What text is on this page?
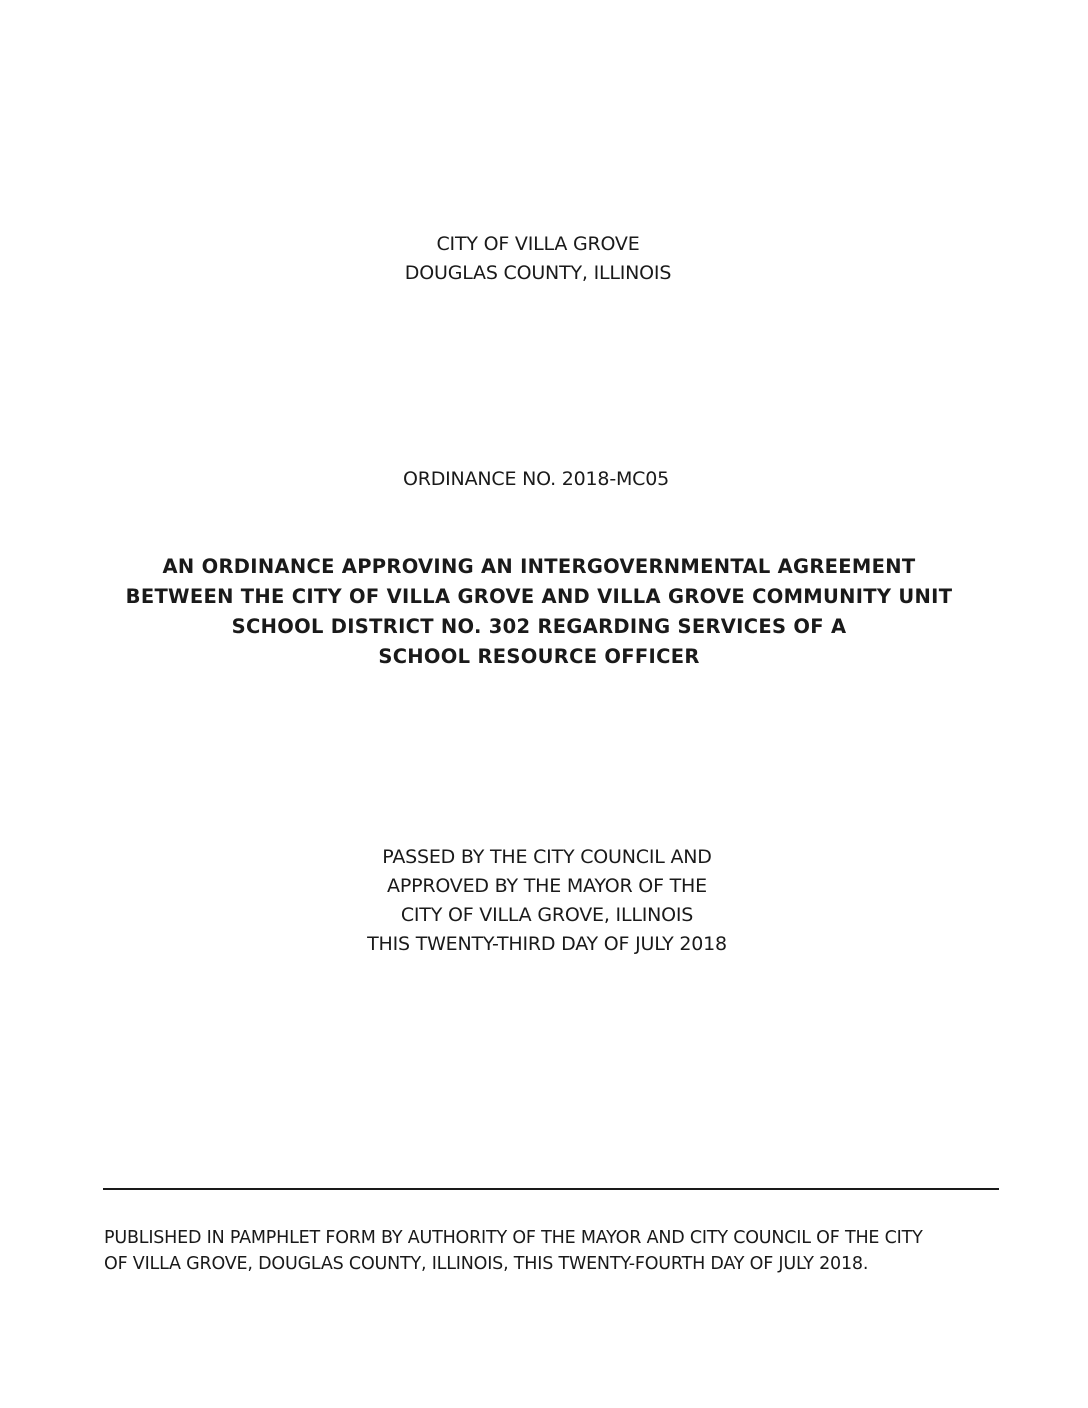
CITY OF VILLA GROVE
DOUGLAS COUNTY, ILLINOIS
ORDINANCE NO. 2018-MC05
AN ORDINANCE APPROVING AN INTERGOVERNMENTAL AGREEMENT
BETWEEN THE CITY OF VILLA GROVE AND VILLA GROVE COMMUNITY UNIT
SCHOOL DISTRICT NO. 302 REGARDING SERVICES OF A
SCHOOL RESOURCE OFFICER
PASSED BY THE CITY COUNCIL AND
APPROVED BY THE MAYOR OF THE
CITY OF VILLA GROVE, ILLINOIS
THIS TWENTY-THIRD DAY OF JULY 2018
PUBLISHED IN PAMPHLET FORM BY AUTHORITY OF THE MAYOR AND CITY COUNCIL OF THE CITY
OF VILLA GROVE, DOUGLAS COUNTY, ILLINOIS, THIS TWENTY-FOURTH DAY OF JULY 2018.
